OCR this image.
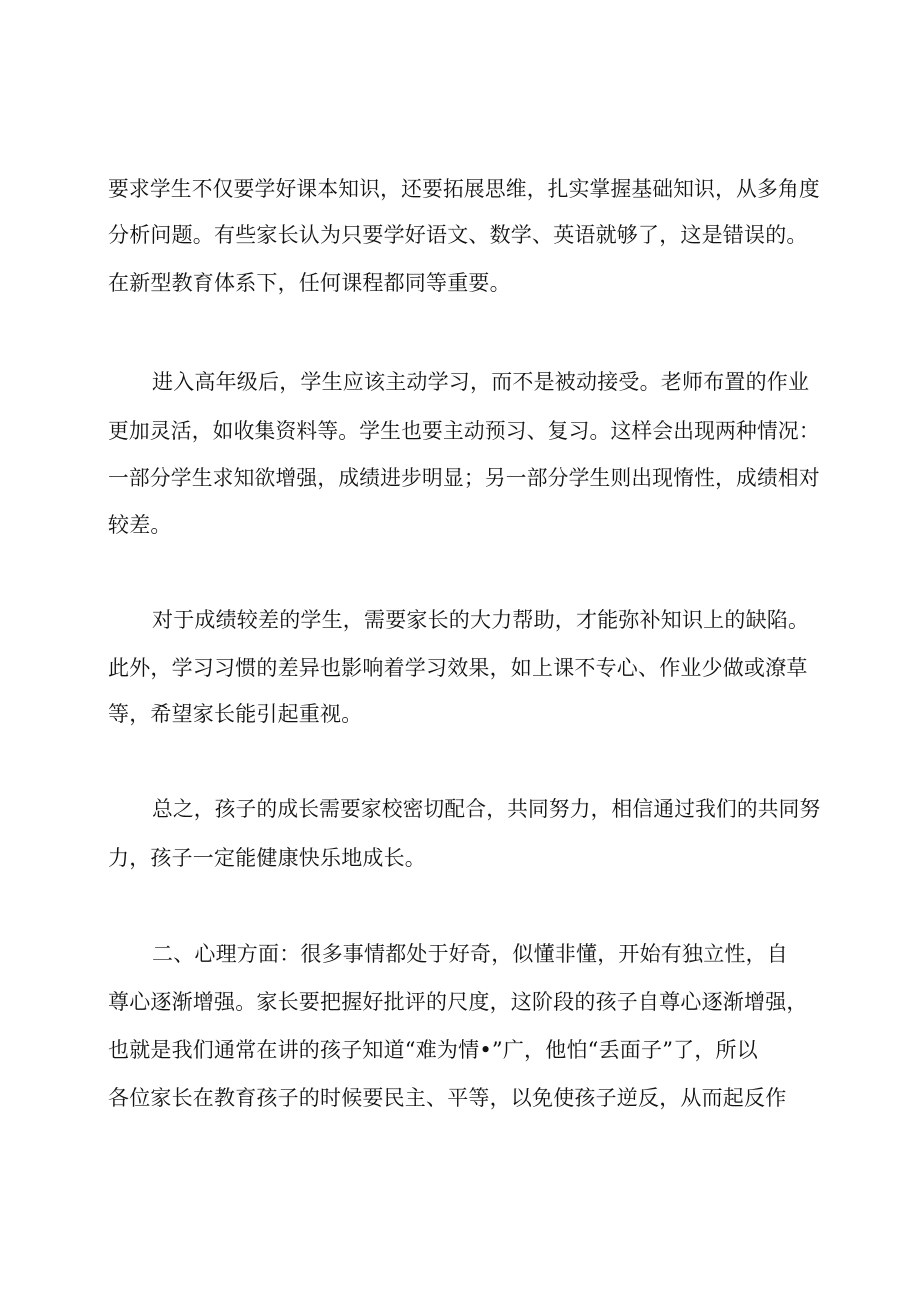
要求学生不仅要学好课本知识，还要拓展思维，扎实掌握基础知识，从多角度
分析问题。有些家长认为只要学好语文、数学、英语就够了，这是错误的。
在新型教育体系下，任何课程都同等重要。
进入高年级后，学生应该主动学习，而不是被动接受。老师布置的作业
更加灵活，如收集资料等。学生也要主动预习、复习。这样会出现两种情况：
一部分学生求知欲增强，成绩进步明显；另一部分学生则出现惰性，成绩相对
较差。
对于成绩较差的学生，需要家长的大力帮助，才能弥补知识上的缺陷。
此外，学习习惯的差异也影响着学习效果，如上课不专心、作业少做或潦草
等，希望家长能引起重视。
总之，孩子的成长需要家校密切配合，共同努力，相信通过我们的共同努
力，孩子一定能健康快乐地成长。
二、心理方面：很多事情都处于好奇，似懂非懂，开始有独立性，自
尊心逐渐增强。家长要把握好批评的尺度，这阶段的孩子自尊心逐渐增强，
也就是我们通常在讲的孩子知道“难为情•”广，他怕“丢面子”了，所以
各位家长在教育孩子的时候要民主、平等，以免使孩子逆反，从而起反作
